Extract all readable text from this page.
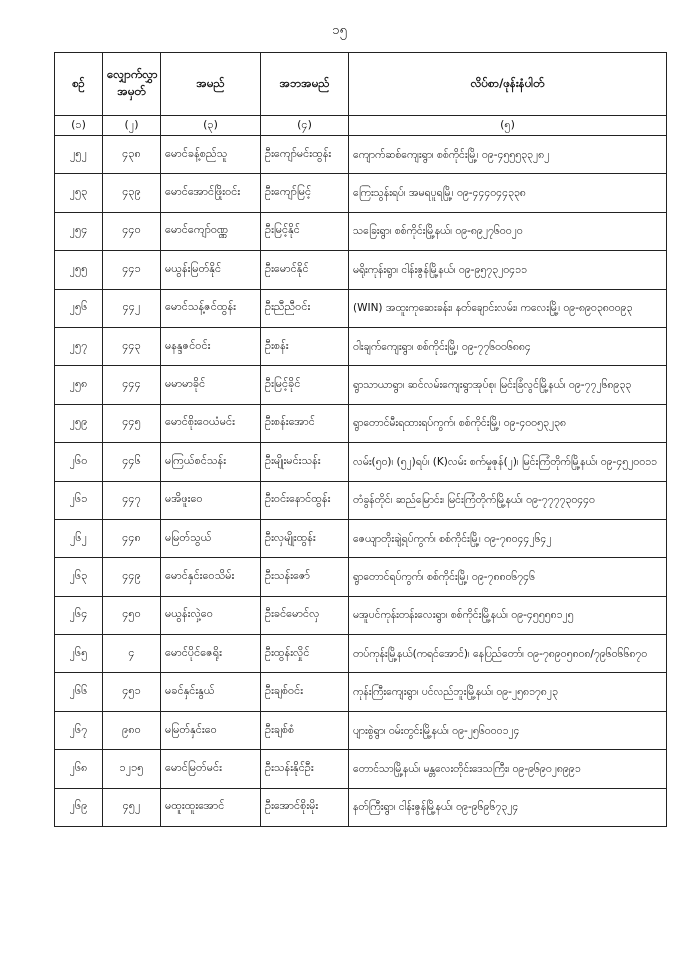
၁၅
စဥ်	လျှောက်လွှာ အမှတ်	အမည်	အဘအမည်	လိပ်စာ/ဖုန်းနံပါတ်
(၁)	(၂)	(၃)	(၄)	(၅)
၂၅၂	၄၃၈	မောင်ခန့်စည်သူ	ဦးကျော်မင်းထွန်း	ကျောက်ဆစ်ကျေးရွာ၊ စစ်ကိုင်းမြို့၊ ၀၉-၄၅၅၅၃၃၂၈၂
၂၅၃	၄၃၉	မောင်အောင်ဖြိုးဝင်း	ဦးကျော်မြင့်	ကြေးသွန်းရပ်၊ အမရပူရမြို့၊ ၀၉-၄၄၄၀၄၄၃၃၈
၂၅၄	၄၄၀	မောင်ကျော်ဝဏ္ဏ	ဦးမြင့်နိုင်	သခြေးရွာ၊ စစ်ကိုင်းမြို့နယ်၊ ၀၉-၈၉၂၇၆၀၀၂၀
၂၅၅	၄၄၁	မယွန်းမြတ်နိုင်	ဦးမောင်နိုင်	မရိုးကုန်းရွာ၊ ငါန်းဇွန်မြို့နယ်၊ ၀၉-၉၅၇၃၂၀၄၁၁
၂၅၆	၄၄၂	မောင်သန့်ဇင်ထွန်း	ဦးညီညီဝင်း	(WIN) အထူးကုဆေးခန်း၊ နတ်ချောင်းလမ်း၊ ကလေးမြို့၊ ၀၉-၈၉၀၃၈၀၀၉၃
၂၅၇	၄၄၃	မနန္ဒဇင်ဝင်း	ဦးစန်း	ဝါးချက်ကျေးရွာ၊ စစ်ကိုင်းမြို့၊ ၀၉-၇၇၆၀၀၆၈၈၄
၂၅၈	၄၄၄	မမာမာခိုင်	ဦးမြင့်ခိုင်	ရွာသာယာရွာ၊ ဆင်လမ်းကျေးရွာအုပ်စု၊ မြင်းခြံလွင်မြို့နယ်၊ ၀၉-၇၇၂၆၈၉၃၃
၂၅၉	၄၄၅	မောင်စိုးဝေယံမင်း	ဦးစန်းအောင်	ရွာတောင်မီးရထားရပ်ကွက်၊ စစ်ကိုင်းမြို့၊ ၀၉-၄၀၀၅၃၂၃၈
၂၆၀	၄၄၆	မကြယ်စင်သန်း	ဦးမျိုးမင်းသန်း	လမ်း(၅၀)၊ (၅၂)ရပ်၊ (K)လမ်း စက်မှုဇုန်(၂)၊ မြင်းကြံတိုက်မြို့နယ်၊ ၀၉-၄၅၂၀၀၁၁
၂၆၁	၄၄၇	မအိဖူးဝေ	ဦးဝင်းနောင်ထွန်း	တံခွန်တိုင်၊ ဆည်မြောင်း၊ မြင်းကြံတိုက်မြို့နယ်၊ ၀၉-၇၇၇၇၃၀၄၄၀
၂၆၂	၄၄၈	မမြတ်သွယ်	ဦးလှမျိုးထွန်း	ဇေယျာတိုးချဲ့ရပ်ကွက်၊ စစ်ကိုင်းမြို့၊ ၀၉-၇၈၀၄၄၂၆၄၂
၂၆၃	၄၄၉	မောင်နှင်းဝေသိမ်း	ဦးသန်းဇော်	ရွာတောင်ရပ်ကွက်၊ စစ်ကိုင်းမြို့၊ ၀၉-၇၈၈၀၆၇၄၆
၂၆၄	၄၅၀	မယွန်းလှဲ့ဝေ	ဦးခင်မောင်လှ	မအူပင်ကုန်းတန်းလေးရွာ၊ စစ်ကိုင်းမြို့နယ်၊ ၀၉-၄၅၅၅၈၁၂၅
၂၆၅	၄	မောင်ပိုင်ဇေရိုး	ဦးထွန်းလှိုင်	တပ်ကုန်းမြို့နယ်(ကရင်အောင်)၊ နေပြည်တော်၊ ၀၉-၇၈၉၀၅၈၀၈/၇၉၆၀၆၆၈၇၀
၂၆၆	၄၅၁	မခင်နှင်းနွယ်	ဦးချစ်ဝင်း	ကုန်းကြီးကျေးရွာ၊ ပင်လည်ဘူးမြို့နယ်၊ ၀၉-၂၅၈၁၇၈၂၃
၂၆၇	၉၈၀	မမြတ်နှင်းဝေ	ဦးချစ်စံ	ပျားစွဲရွာ၊ ဝမ်းတွင်းမြို့နယ်၊ ၀၉-၂၅၆၀၀၀၁၂၄
၂၆၈	၁၂၁၅	မောင်မြတ်မင်း	ဦးသန်းနိုင်ဦး	တောင်သာမြို့နယ်၊ မန္တလေးတိုင်းဒေသကြီး၊ ၀၉-၉၆၉၀၂၈၉၉၁
၂၆၉	၄၅၂	မထူးထူးအောင်	ဦးအောင်စိုးမိုး	နတ်ကြီးရွာ၊ ငါန်းဇွန်မြို့နယ်၊ ၀၉-၉၆၉၆၇၃၂၄
